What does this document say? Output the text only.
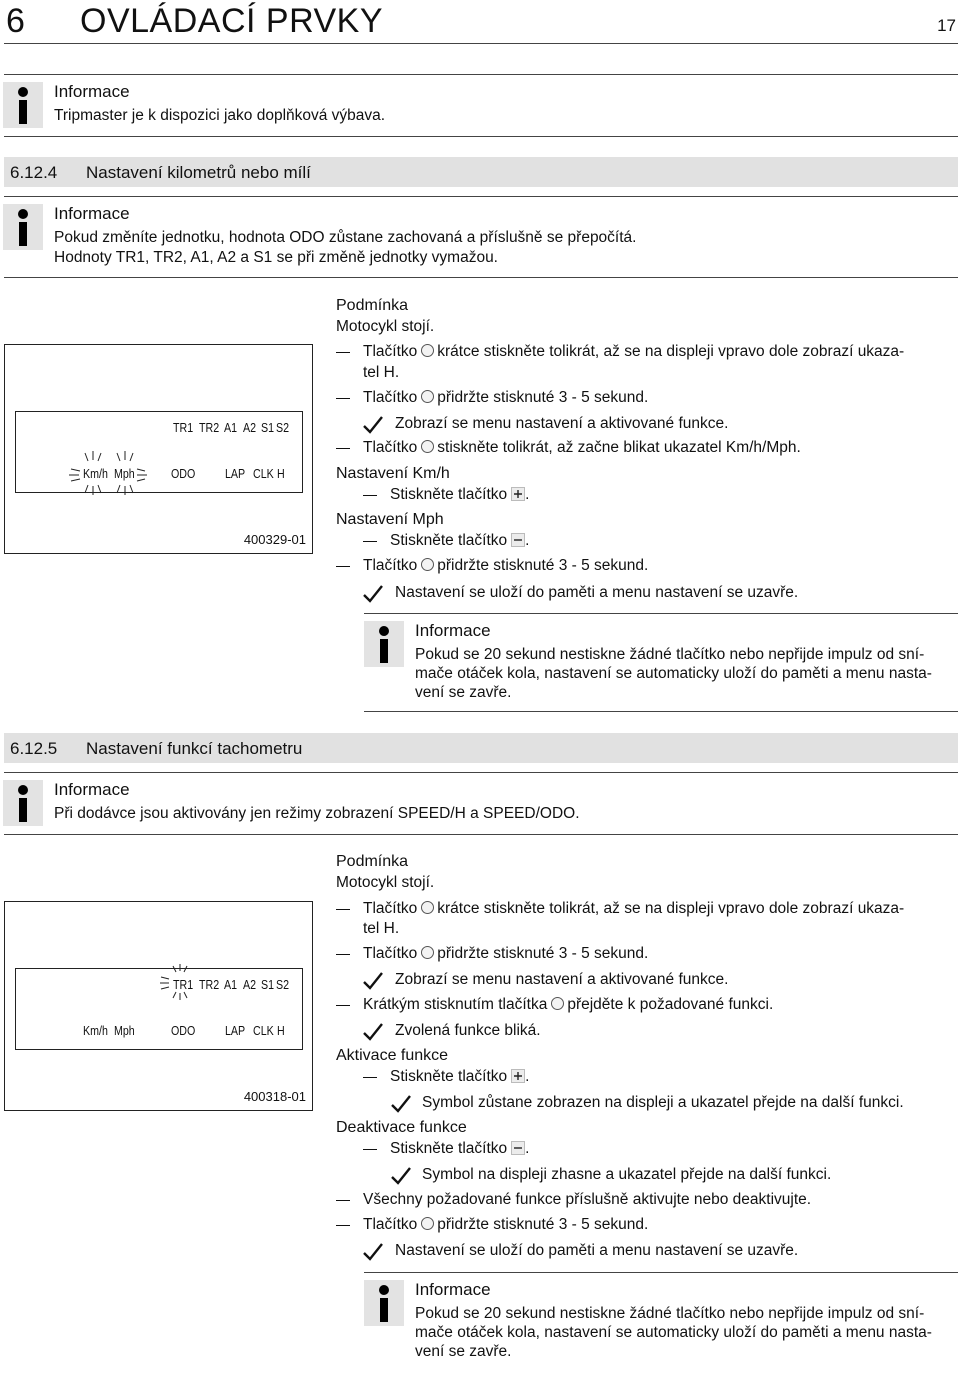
6 OVLÁDACÍ PRVKY	17
Informace
Tripmaster je k dispozici jako doplňková výbava.
6.12.4 Nastavení kilometrů nebo mílí
Informace
Pokud změníte jednotku, hodnota ODO zůstane zachovaná a příslušně se přepočítá.
Hodnoty TR1, TR2, A1, A2 a S1 se při změně jednotky vymažou.
TR1 TR2 A1 A2 S1 S2
Km/h Mph	ODO LAP CLK H
400329-01
Podmínka
Motocykl stojí.
Tlačítko krátce stiskněte tolikrát, až se na displeji vpravo dole zobrazí ukaza-
tel H.
Tlačítko přidržte stisknuté 3 - 5 sekund.
Zobrazí se menu nastavení a aktivované funkce.
Tlačítko stiskněte tolikrát, až začne blikat ukazatel Km/h/Mph.
Nastavení Km/h
Stiskněte tlačítko .
Nastavení Mph
Stiskněte tlačítko .
Tlačítko přidržte stisknuté 3 - 5 sekund.
Nastavení se uloží do paměti a menu nastavení se uzavře.
Informace
Pokud se 20 sekund nestiskne žádné tlačítko nebo nepřijde impulz od sní-
mače otáček kola, nastavení se automaticky uloží do paměti a menu nasta-
vení se zavře.
6.12.5 Nastavení funkcí tachometru
Informace
Při dodávce jsou aktivovány jen režimy zobrazení SPEED/H a SPEED/ODO.
TR1 TR2 A1 A2 S1 S2
Km/h Mph	ODO LAP CLK H
400318-01
Podmínka
Motocykl stojí.
Tlačítko krátce stiskněte tolikrát, až se na displeji vpravo dole zobrazí ukaza-
tel H.
Tlačítko přidržte stisknuté 3 - 5 sekund.
Zobrazí se menu nastavení a aktivované funkce.
Krátkým stisknutím tlačítka přejděte k požadované funkci.
Zvolená funkce bliká.
Aktivace funkce
Stiskněte tlačítko .
Symbol zůstane zobrazen na displeji a ukazatel přejde na další funkci.
Deaktivace funkce
Stiskněte tlačítko .
Symbol na displeji zhasne a ukazatel přejde na další funkci.
Všechny požadované funkce příslušně aktivujte nebo deaktivujte.
Tlačítko přidržte stisknuté 3 - 5 sekund.
Nastavení se uloží do paměti a menu nastavení se uzavře.
Informace
Pokud se 20 sekund nestiskne žádné tlačítko nebo nepřijde impulz od sní-
mače otáček kola, nastavení se automaticky uloží do paměti a menu nasta-
vení se zavře.
